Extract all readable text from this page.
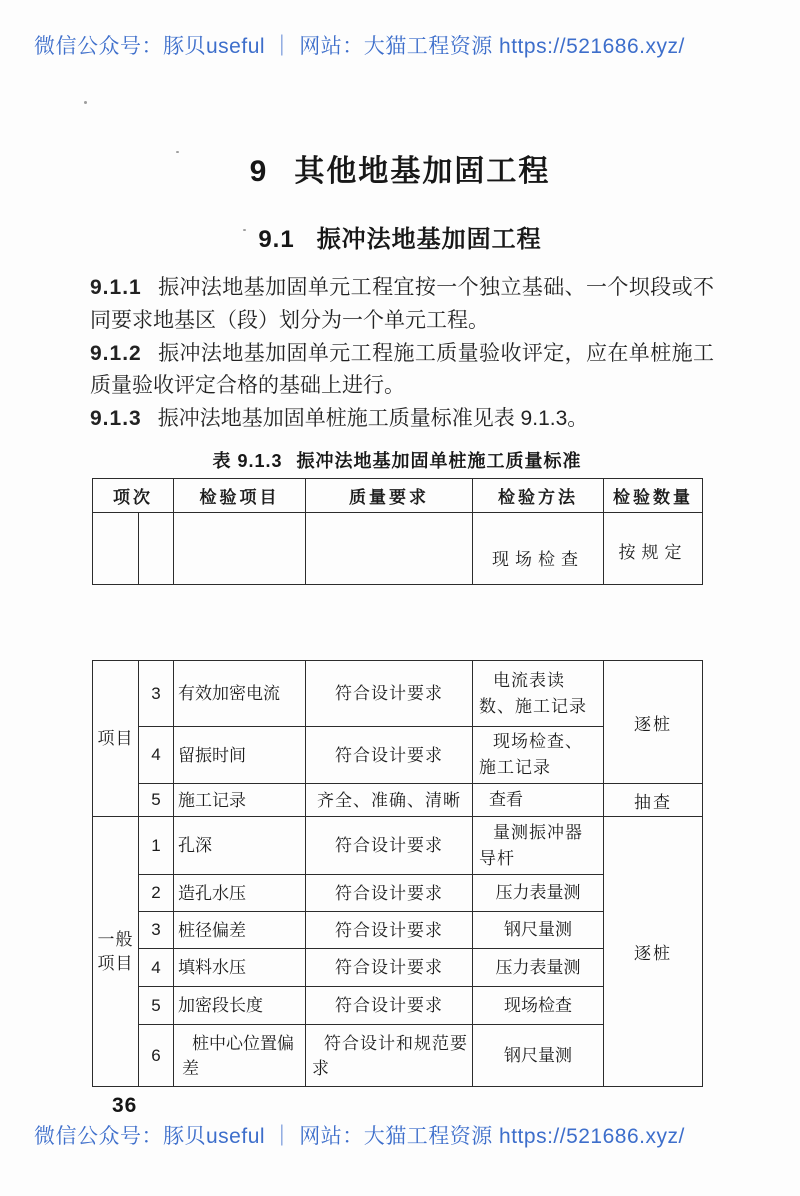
微信公众号：豚贝useful ｜ 网站：大猫工程资源 https://521686.xyz/
9 其他地基加固工程
9.1 振冲法地基加固工程

9.1.1 振冲法地基加固单元工程宜按一个独立基础、一个坝段或不同要求地基区（段）划分为一个单元工程。

9.1.2 振冲法地基加固单元工程施工质量验收评定，应在单桩施工质量验收评定合格的基础上进行。

9.1.3 振冲法地基加固单桩施工质量标准见表 9.1.3。

表 9.1.3 振冲法地基加固单桩施工质量标准
项次		检验项目	质量要求	检验方法	检验数量

				现场检查	按规定
项目	3	有效加密电流	符合设计要求	电流表读数、施工记录	逐桩
	4	留振时间	符合设计要求	现场检查、施工记录	
	5	施工记录	齐全、准确、清晰	查看	抽查
一般项目	1	孔深	符合设计要求	量测振冲器导杆	逐桩
	2	造孔水压	符合设计要求	压力表量测	
	3	桩径偏差	符合设计要求	钢尺量测	
	4	填料水压	符合设计要求	压力表量测	
	5	加密段长度	符合设计要求	现场检查	
	6	桩中心位置偏差	符合设计和规范要求	钢尺量测	
36
微信公众号：豚贝useful ｜ 网站：大猫工程资源 https://521686.xyz/
